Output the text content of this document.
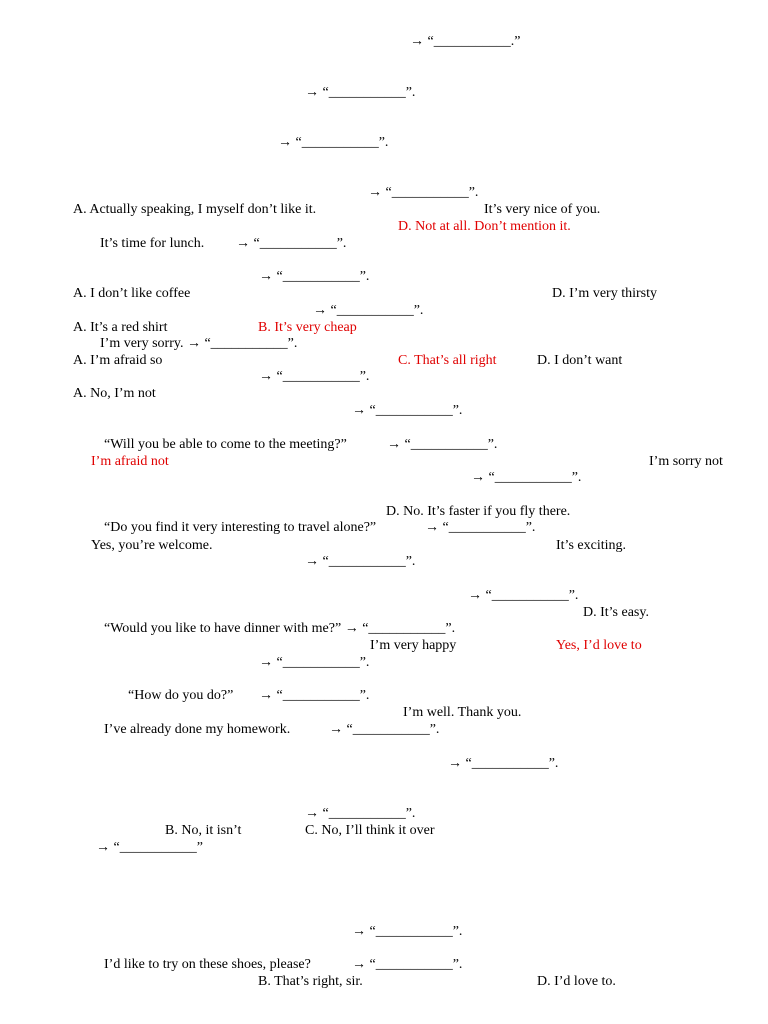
→ “___________.”
→ “___________”.
→ “___________”.
→ “___________”.
A. Actually speaking, I myself don’t like it.	It’s very nice of you.
D. Not at all. Don’t mention it.
It’s time for lunch. → “___________”.
→ “___________”.
A. I don’t like coffee	D. I’m very thirsty
→ “___________”.
A. It’s a red shirt	B. It’s very cheap
I’m very sorry. → “___________”.
A. I’m afraid so	C. That’s all right	D. I don’t want
→ “___________”.
A. No, I’m not
→ “___________”.
“Will you be able to come to the meeting?”	→ “___________”.
I’m afraid not	I’m sorry not
→ “___________”.
D. No. It’s faster if you fly there.
“Do you find it very interesting to travel alone?”	→ “___________”.
Yes, you’re welcome.	It’s exciting.
→ “___________”.
→ “___________”.
D. It’s easy.
“Would you like to have dinner with me?” → “___________”.
I’m very happy	Yes, I’d love to
→ “___________”.
“How do you do?” → “___________”.
I’m well. Thank you.
I’ve already done my homework.	→ “___________”.
→ “___________”.
→ “___________”.
B. No, it isn’t	C. No, I’ll think it over
→ “___________”
→ “___________”.
I’d like to try on these shoes, please?	→ “___________”.
B. That’s right, sir.	D. I’d love to.
